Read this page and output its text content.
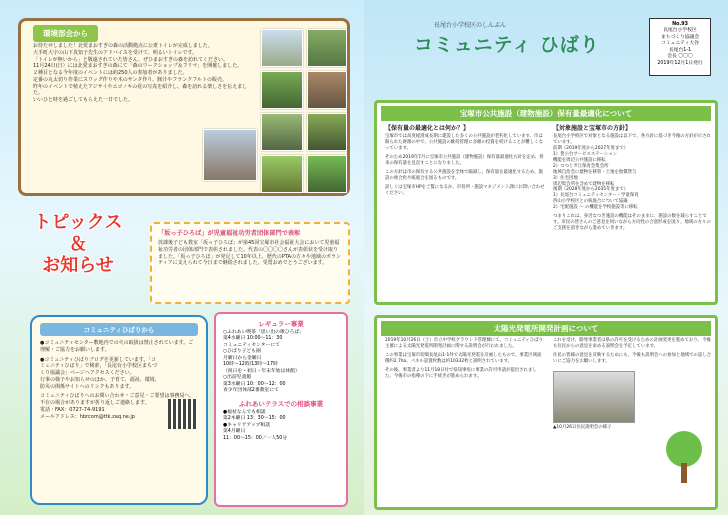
環境部会から

お待たせしました！北愛まおすぎの森の活動拠点に公衆トイレが完成しました。

大手町大宇の山下真知子先生のアドバイスを受けて、明るいトイレです。

「トイレが無いから」と敬遠されていた皆さん、ぜひまおすぎの森を訪れてください。

11月24日(日）には北愛まおすぎの森にて「森のワークショップ＆フリマ」を開催しました。

２種目となる今年度のイベントには約250人の参加者がありました。

定番の丸太切り作業にスワッグ作りや木のサンタ作り、豚汁やフランクフルトの販売。

昨年のイベントで植えたアジサイやエゴノキの花の写真を紹介し、森を訪れる楽しさを伝えました。

いいひと時を過ごしてもらえた一日でした。

トピックス
＆
お知らせ
「坂っ子ひろば」が児童福祉功労者団体部門で表彰

放課後子ども教室「坂っ子ひろば」が第45回宝塚市社会福祉大会において児童福祉功労者の団体部門で表彰されました。代表の〇〇〇〇さんが表彰状を受け取りました。「坂っ子ひろば」が発足して10年以上、歴代のPTAの方々や地域のボランティアに支えられて今日まで継続されました。受賞おめでとうございます。

コミュニティひばりから

●コミュニティセンター敷地内での火の取扱は禁止されています。ご理解・ご協力をお願いします。

●コミュニティひばりブログを更新しています。「コミュニティひばり」で検索、「長尾台小学校区まちづくり協議会」ページへアクセスください。

行事の様子やお知らせのほか、子育て、福祉、環境、防災の関係サイトへのリンクもあります。

コミュニティひばりへのお問い合わせ・ご意見・ご要望は事務局へ。

不在の場合がありますが折り返しご連絡します。

電話・FAX：0727-74-9191

メールアドレス：hbrcom@ttk.zaq.ne.jp

レギュラー事業

○ふれあい喫茶「思い出の歌ひろば」

第4水曜日 10:00～11：30

コミュニティセンターにて

○ひばり子ども園

月曜日から金曜日

10時～12時/13時～17時

（祝日を・初日・年末年始は休館）

○出前児童館

第3水曜日 10：00～12：00

青少年団体部2番教室にて

ふれあいテラスでの相談事業

●福祉なんでも相談

第2木曜日 13：30～15：00

●キャリアアップ相談

第4月曜日

11：00～15：00／一人50分

長尾台小学校区のしんぶん
コミュニティ ひばり
No.93
長尾台小学校区
まちづくり協議会
コミュニティ大谷
長尾台1-1
会長 〇〇〇
2019年12月1日発行
宝塚市公共施設（建物施設）保有量最適化について

【保有量の最適化とは何か？】

宝塚市では高度経済成長期に建設した多くの公共施設が老朽化しています。市は限られた財源の中で、公共施設の維持管理に多額の投資を続けることが難しくなっています。

そのため2019年7月に宝塚市公共施設（建物施設）保有量最適化方針を定め、将来の保有量を見直すことになりました。

この方針は市の保有する公共施設を全体で縮減し、保有量を最適化するため、施設の複合化や統廃合を図るものです。

詳しくは宝塚市HPをご覧になるか、市役所・施設マネジメント課にお問い合わせください。

【対象施設と宝塚市の方針】

長尾台小学校区で対象となる施設は以下で、各方針に基づき今後の方針が示されています。

前期（2019年度から2027年度まで）

1）豊公台サービスステーション

機能を周辺公共施設に移転

2）つつじガ丘保育会集会所

地域自治会に建物を移管・土地を無償貸与

3）住宅団地

周辺集会所を含めて建物を移転

後期（2028年度から2035年度まで）

1）長尾台コミュニティセンター・学童保育

西山小学校区との統廃合について協議

2）宅配施設 ～ の機能を学校施設等に移転

つまりこれは、身近なつき施設の機能はそのままに、施設の数を減らすことです。市民の皆さんのご意見を伺いながら方向性の合意形成を図り、地域の方々のご支援を頂きながら進めていきます。

太陽光発電所開発計画について

2019年10月26日（土）市立中学校グラウンド管理棟にて、コミュニティひばり主催による太陽光発電所開発計画に関する説明会が行われました。

この事業は宝塚市切畑長尾山1-1外で太陽光発電を計画したもので、事業区域面積約2.7ha、パネル設置枚数は約10332枚と説明されています。

その後、事業者より11月18日付で県知事宛に事業の許可申請が提出されました。今後市の指導の下に手続きが進められます。

これを受け、開発事業者は県の許可を受けるための計画変更を進めており、今後も住民からの意見を求める説明会を予定しています。

住民の皆様の意見を反映するためにも、今後も説明会への参加と地域での話し合いにご協力をお願いします。

▲10月26日住民説明会の様子
